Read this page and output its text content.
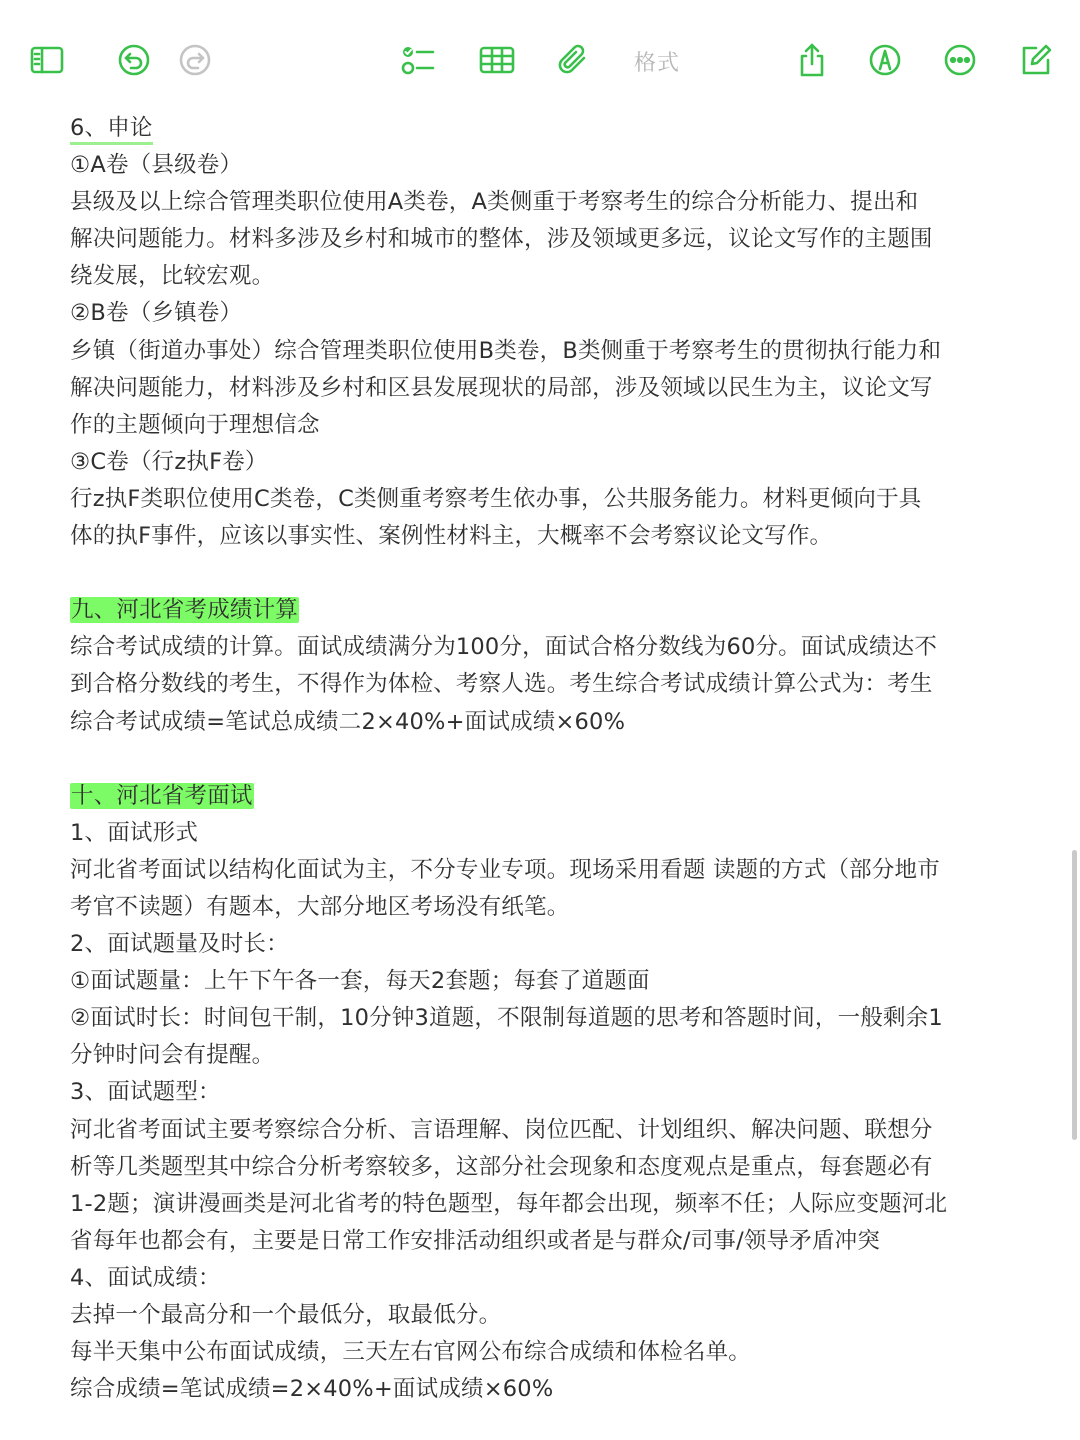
格式
6、申论
①A卷（县级卷）
县级及以上综合管理类职位使用A类卷，A类侧重于考察考生的综合分析能力、提出和
解决问题能力。材料多涉及乡村和城市的整体，涉及领域更多远，议论文写作的主题围
绕发展，比较宏观。
②B卷（乡镇卷）
乡镇（街道办事处）综合管理类职位使用B类卷，B类侧重于考察考生的贯彻执行能力和
解决问题能力，材料涉及乡村和区县发展现状的局部，涉及领域以民生为主，议论文写
作的主题倾向于理想信念
③C卷（行z执F卷）
行z执F类职位使用C类卷，C类侧重考察考生依办事，公共服务能力。材料更倾向于具
体的执F事件，应该以事实性、案例性材料主，大概率不会考察议论文写作。
九、河北省考成绩计算
综合考试成绩的计算。面试成绩满分为100分，面试合格分数线为60分。面试成绩达不
到合格分数线的考生，不得作为体检、考察人选。考生综合考试成绩计算公式为：考生
综合考试成绩=笔试总成绩二2×40%+面试成绩×60%
十、河北省考面试
1、面试形式
河北省考面试以结构化面试为主，不分专业专项。现场采用看题 读题的方式（部分地市
考官不读题）有题本，大部分地区考场没有纸笔。
2、面试题量及时长：
①面试题量：上午下午各一套，每天2套题；每套了道题面
②面试时长：时间包干制，10分钟3道题，不限制每道题的思考和答题时间，一般剩余1
分钟时问会有提醒。
3、面试题型：
河北省考面试主要考察综合分析、言语理解、岗位匹配、计划组织、解决问题、联想分
析等几类题型其中综合分析考察较多，这部分社会现象和态度观点是重点，每套题必有
1-2题；演讲漫画类是河北省考的特色题型，每年都会出现，频率不任；人际应变题河北
省每年也都会有，主要是日常工作安排活动组织或者是与群众/司事/领导矛盾冲突
4、面试成绩：
去掉一个最高分和一个最低分，取最低分。
每半天集中公布面试成绩，三天左右官网公布综合成绩和体检名单。
综合成绩=笔试成绩=2×40%+面试成绩×60%
